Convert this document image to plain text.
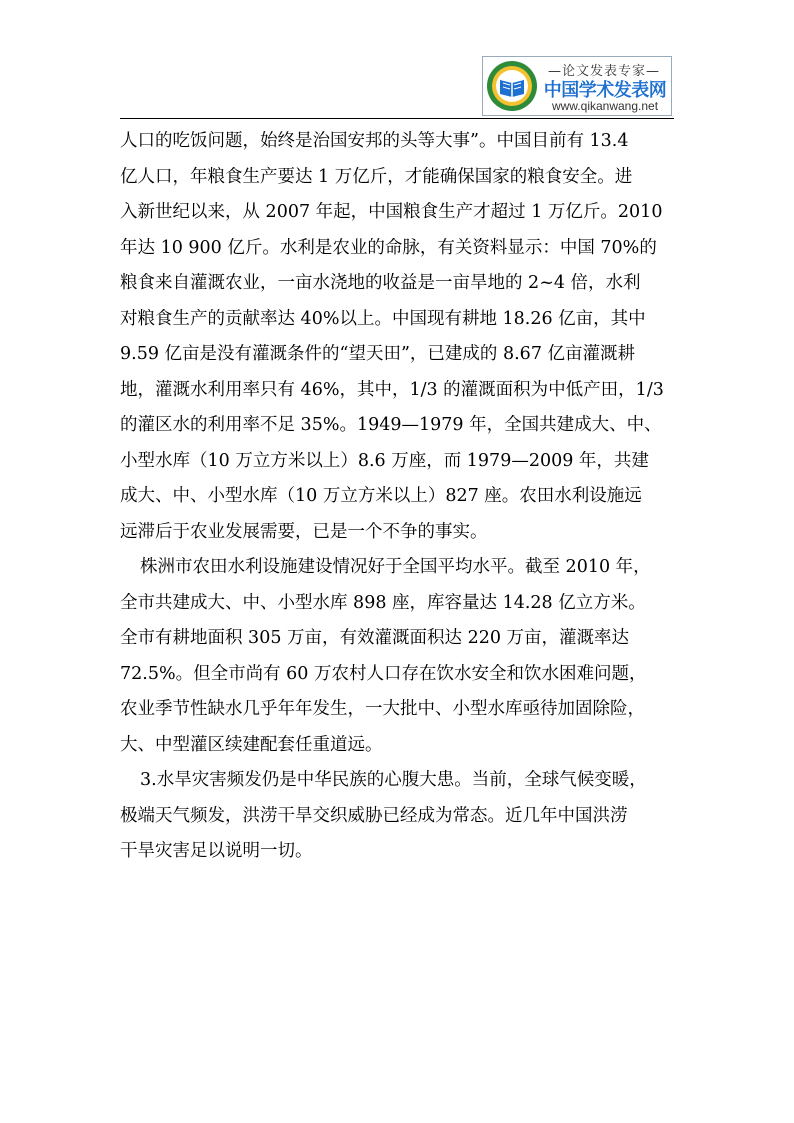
—论文发表专家—
中国学术发表网
www.qikanwang.net
人口的吃饭问题，始终是治国安邦的头等大事”。中国目前有 13.4
亿人口，年粮食生产要达 1 万亿斤，才能确保国家的粮食安全。进
入新世纪以来，从 2007 年起，中国粮食生产才超过 1 万亿斤。2010
年达 10 900 亿斤。水利是农业的命脉，有关资料显示：中国 70%的
粮食来自灌溉农业，一亩水浇地的收益是一亩旱地的 2~4 倍，水利
对粮食生产的贡献率达 40%以上。中国现有耕地 18.26 亿亩，其中
9.59 亿亩是没有灌溉条件的“望天田”，已建成的 8.67 亿亩灌溉耕
地，灌溉水利用率只有 46%，其中，1/3 的灌溉面积为中低产田，1/3
的灌区水的利用率不足 35%。1949—1979 年，全国共建成大、中、
小型水库（10 万立方米以上）8.6 万座，而 1979—2009 年，共建
成大、中、小型水库（10 万立方米以上）827 座。农田水利设施远
远滞后于农业发展需要，已是一个不争的事实。
株洲市农田水利设施建设情况好于全国平均水平。截至 2010 年，
全市共建成大、中、小型水库 898 座，库容量达 14.28 亿立方米。
全市有耕地面积 305 万亩，有效灌溉面积达 220 万亩，灌溉率达
72.5%。但全市尚有 60 万农村人口存在饮水安全和饮水困难问题，
农业季节性缺水几乎年年发生，一大批中、小型水库亟待加固除险，
大、中型灌区续建配套任重道远。
3.水旱灾害频发仍是中华民族的心腹大患。当前，全球气候变暖，
极端天气频发，洪涝干旱交织威胁已经成为常态。近几年中国洪涝
干旱灾害足以说明一切。
